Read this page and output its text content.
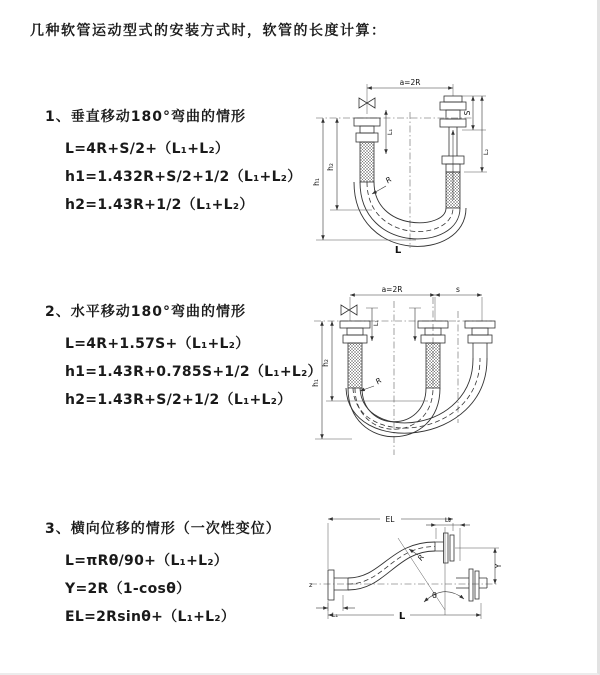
几种软管运动型式的安装方式时，软管的长度计算：
1、垂直移动180°弯曲的情形
L=4R+S/2+（L₁+L₂）
h1=1.432R+S/2+1/2（L₁+L₂）
h2=1.43R+1/2（L₁+L₂）
2、水平移动180°弯曲的情形
L=4R+1.57S+（L₁+L₂）
h1=1.43R+0.785S+1/2（L₁+L₂）
h2=1.43R+S/2+1/2（L₁+L₂）
3、横向位移的情形（一次性变位）
L=πRθ/90+（L₁+L₂）
Y=2R（1-cosθ）
EL=2Rsinθ+（L₁+L₂）
a=2R
h₁
h₂
L₁
S
L₂
R
L
a=2R	s
h₁
h₂
L₁
R
z
EL	L₂
θ
R
Y
L₁	L
